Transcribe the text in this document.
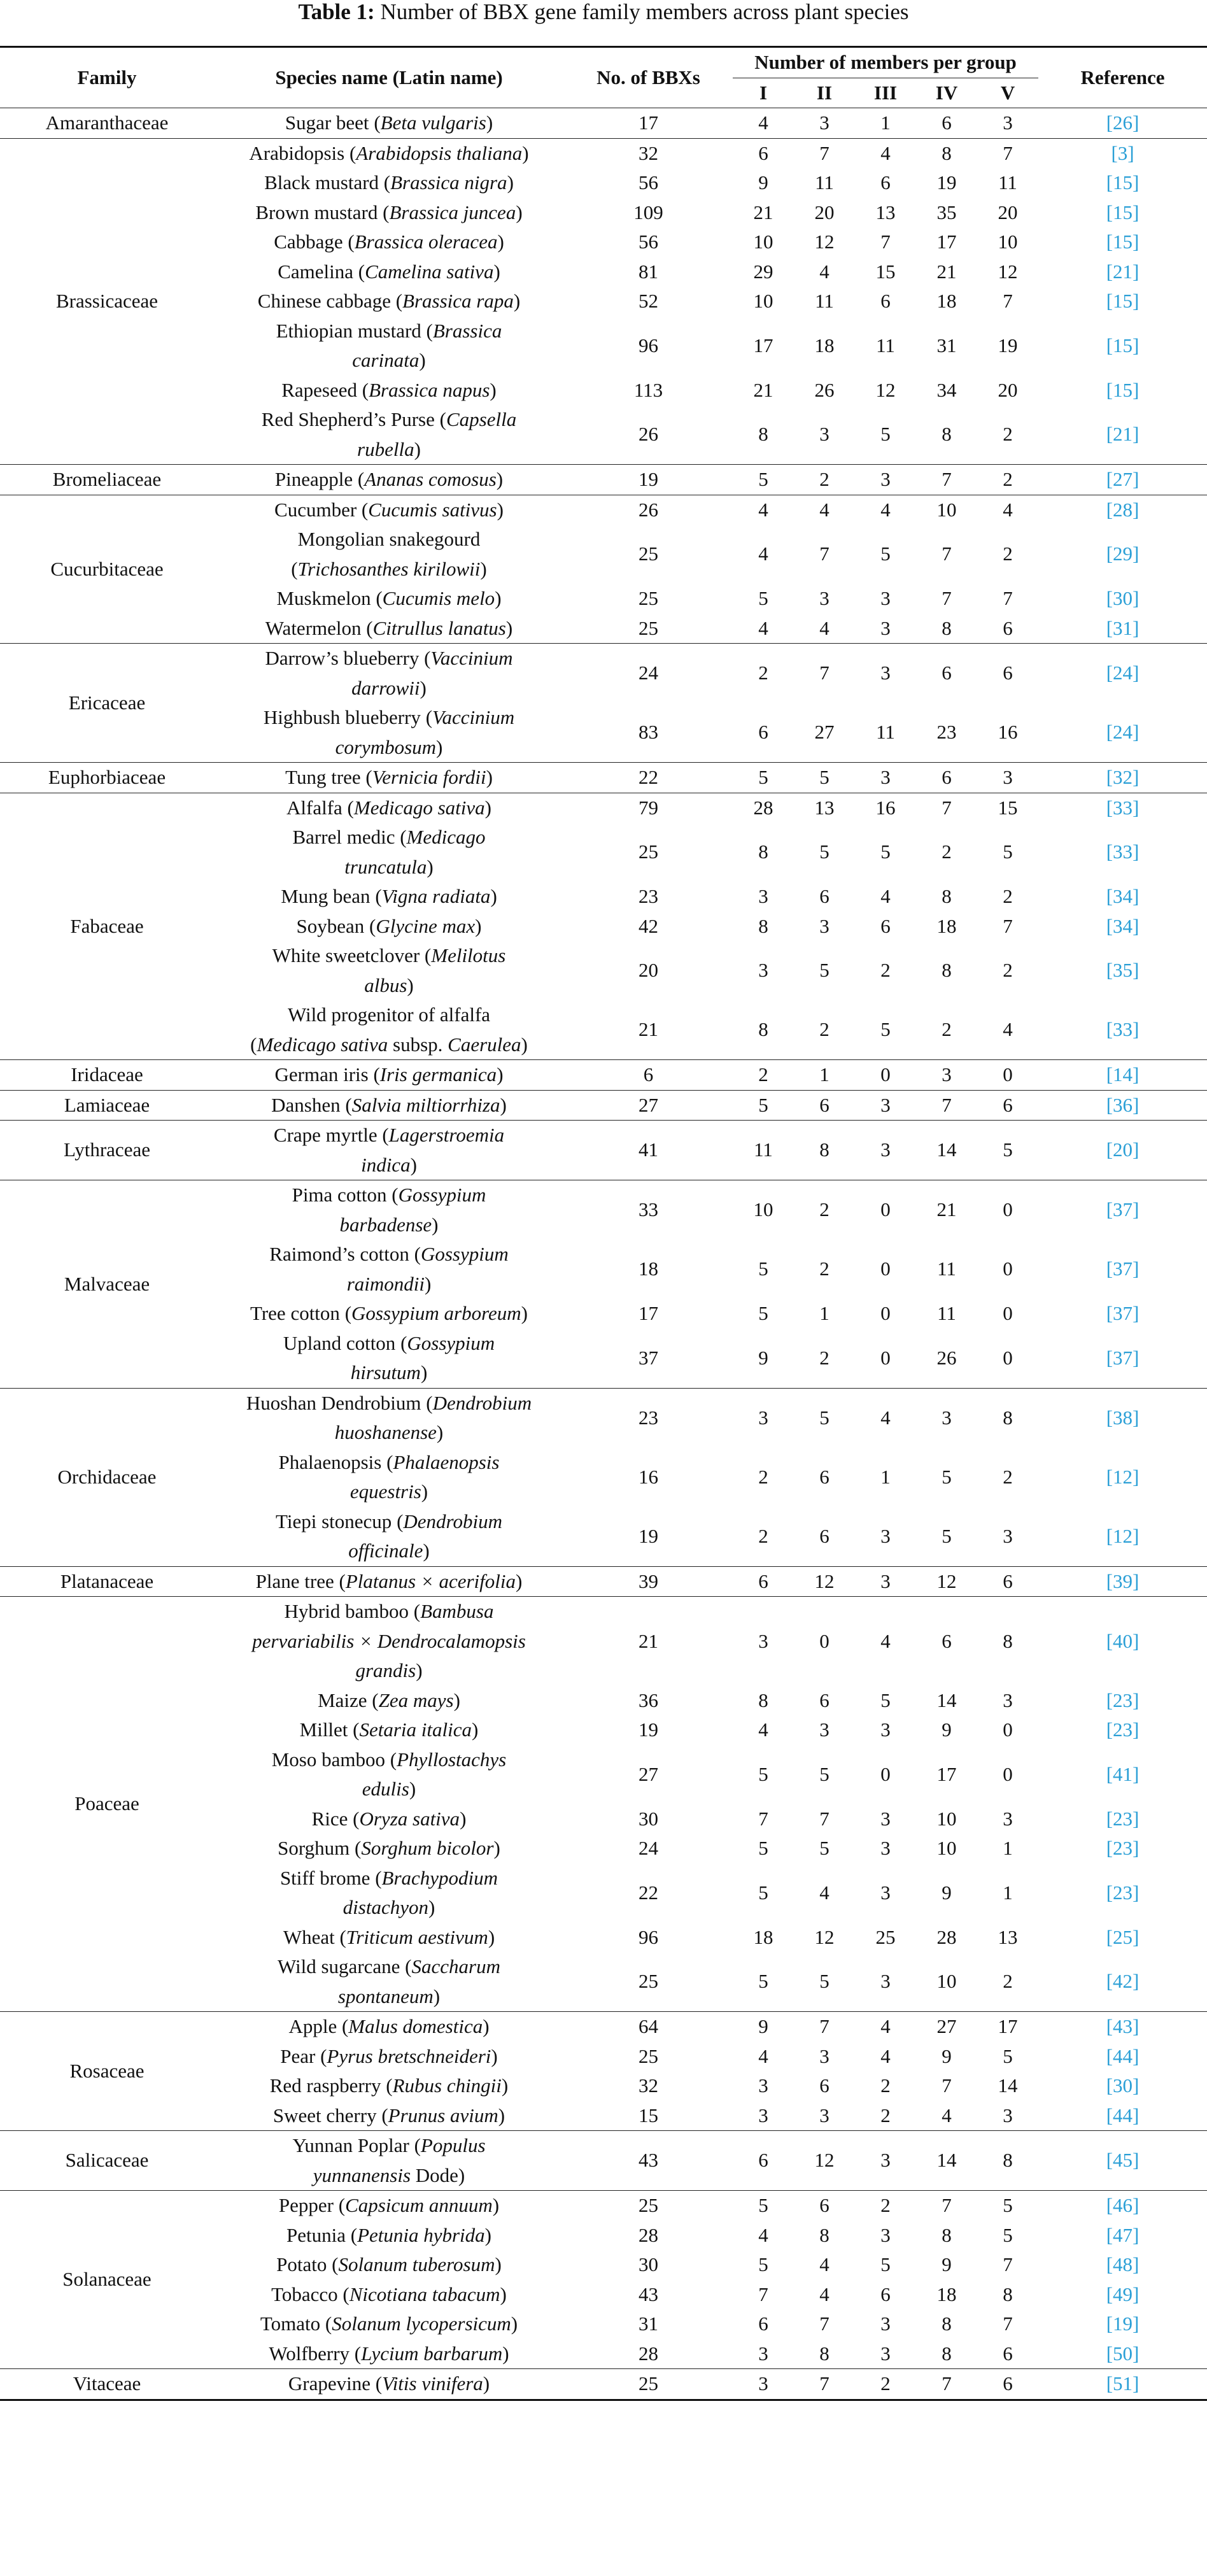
Table 1: Number of BBX gene family members across plant species
Family	Species name (Latin name)	No. of BBXs	Number of members per group					Reference
			I	II	III	IV	V	
Amaranthaceae	Sugar beet (Beta vulgaris)	17	4	3	1	6	3	[26]
Brassicaceae	Arabidopsis (Arabidopsis thaliana)	32	6	7	4	8	7	[3]
	Black mustard (Brassica nigra)	56	9	11	6	19	11	[15]
	Brown mustard (Brassica juncea)	109	21	20	13	35	20	[15]
	Cabbage (Brassica oleracea)	56	10	12	7	17	10	[15]
	Camelina (Camelina sativa)	81	29	4	15	21	12	[21]
	Chinese cabbage (Brassica rapa)	52	10	11	6	18	7	[15]
	Ethiopian mustard (Brassica carinata)	96	17	18	11	31	19	[15]
	Rapeseed (Brassica napus)	113	21	26	12	34	20	[15]
	Red Shepherd’s Purse (Capsella rubella)	26	8	3	5	8	2	[21]
Bromeliaceae	Pineapple (Ananas comosus)	19	5	2	3	7	2	[27]
Cucurbitaceae	Cucumber (Cucumis sativus)	26	4	4	4	10	4	[28]
	Mongolian snakegourd (Trichosanthes kirilowii)	25	4	7	5	7	2	[29]
	Muskmelon (Cucumis melo)	25	5	3	3	7	7	[30]
	Watermelon (Citrullus lanatus)	25	4	4	3	8	6	[31]
Ericaceae	Darrow’s blueberry (Vaccinium darrowii)	24	2	7	3	6	6	[24]
	Highbush blueberry (Vaccinium corymbosum)	83	6	27	11	23	16	[24]
Euphorbiaceae	Tung tree (Vernicia fordii)	22	5	5	3	6	3	[32]
Fabaceae	Alfalfa (Medicago sativa)	79	28	13	16	7	15	[33]
	Barrel medic (Medicago truncatula)	25	8	5	5	2	5	[33]
	Mung bean (Vigna radiata)	23	3	6	4	8	2	[34]
	Soybean (Glycine max)	42	8	3	6	18	7	[34]
	White sweetclover (Melilotus albus)	20	3	5	2	8	2	[35]
	Wild progenitor of alfalfa (Medicago sativa subsp. Caerulea)	21	8	2	5	2	4	[33]
Iridaceae	German iris (Iris germanica)	6	2	1	0	3	0	[14]
Lamiaceae	Danshen (Salvia miltiorrhiza)	27	5	6	3	7	6	[36]
Lythraceae	Crape myrtle (Lagerstroemia indica)	41	11	8	3	14	5	[20]
Malvaceae	Pima cotton (Gossypium barbadense)	33	10	2	0	21	0	[37]
	Raimond’s cotton (Gossypium raimondii)	18	5	2	0	11	0	[37]
	Tree cotton (Gossypium arboreum)	17	5	1	0	11	0	[37]
	Upland cotton (Gossypium hirsutum)	37	9	2	0	26	0	[37]
Orchidaceae	Huoshan Dendrobium (Dendrobium huoshanense)	23	3	5	4	3	8	[38]
	Phalaenopsis (Phalaenopsis equestris)	16	2	6	1	5	2	[12]
	Tiepi stonecup (Dendrobium officinale)	19	2	6	3	5	3	[12]
Platanaceae	Plane tree (Platanus × acerifolia)	39	6	12	3	12	6	[39]
Poaceae	Hybrid bamboo (Bambusa pervariabilis × Dendrocalamopsis grandis)	21	3	0	4	6	8	[40]
	Maize (Zea mays)	36	8	6	5	14	3	[23]
	Millet (Setaria italica)	19	4	3	3	9	0	[23]
	Moso bamboo (Phyllostachys edulis)	27	5	5	0	17	0	[41]
	Rice (Oryza sativa)	30	7	7	3	10	3	[23]
	Sorghum (Sorghum bicolor)	24	5	5	3	10	1	[23]
	Stiff brome (Brachypodium distachyon)	22	5	4	3	9	1	[23]
	Wheat (Triticum aestivum)	96	18	12	25	28	13	[25]
	Wild sugarcane (Saccharum spontaneum)	25	5	5	3	10	2	[42]
Rosaceae	Apple (Malus domestica)	64	9	7	4	27	17	[43]
	Pear (Pyrus bretschneideri)	25	4	3	4	9	5	[44]
	Red raspberry (Rubus chingii)	32	3	6	2	7	14	[30]
	Sweet cherry (Prunus avium)	15	3	3	2	4	3	[44]
Salicaceae	Yunnan Poplar (Populus yunnanensis Dode)	43	6	12	3	14	8	[45]
Solanaceae	Pepper (Capsicum annuum)	25	5	6	2	7	5	[46]
	Petunia (Petunia hybrida)	28	4	8	3	8	5	[47]
	Potato (Solanum tuberosum)	30	5	4	5	9	7	[48]
	Tobacco (Nicotiana tabacum)	43	7	4	6	18	8	[49]
	Tomato (Solanum lycopersicum)	31	6	7	3	8	7	[19]
	Wolfberry (Lycium barbarum)	28	3	8	3	8	6	[50]
Vitaceae	Grapevine (Vitis vinifera)	25	3	7	2	7	6	[51]
